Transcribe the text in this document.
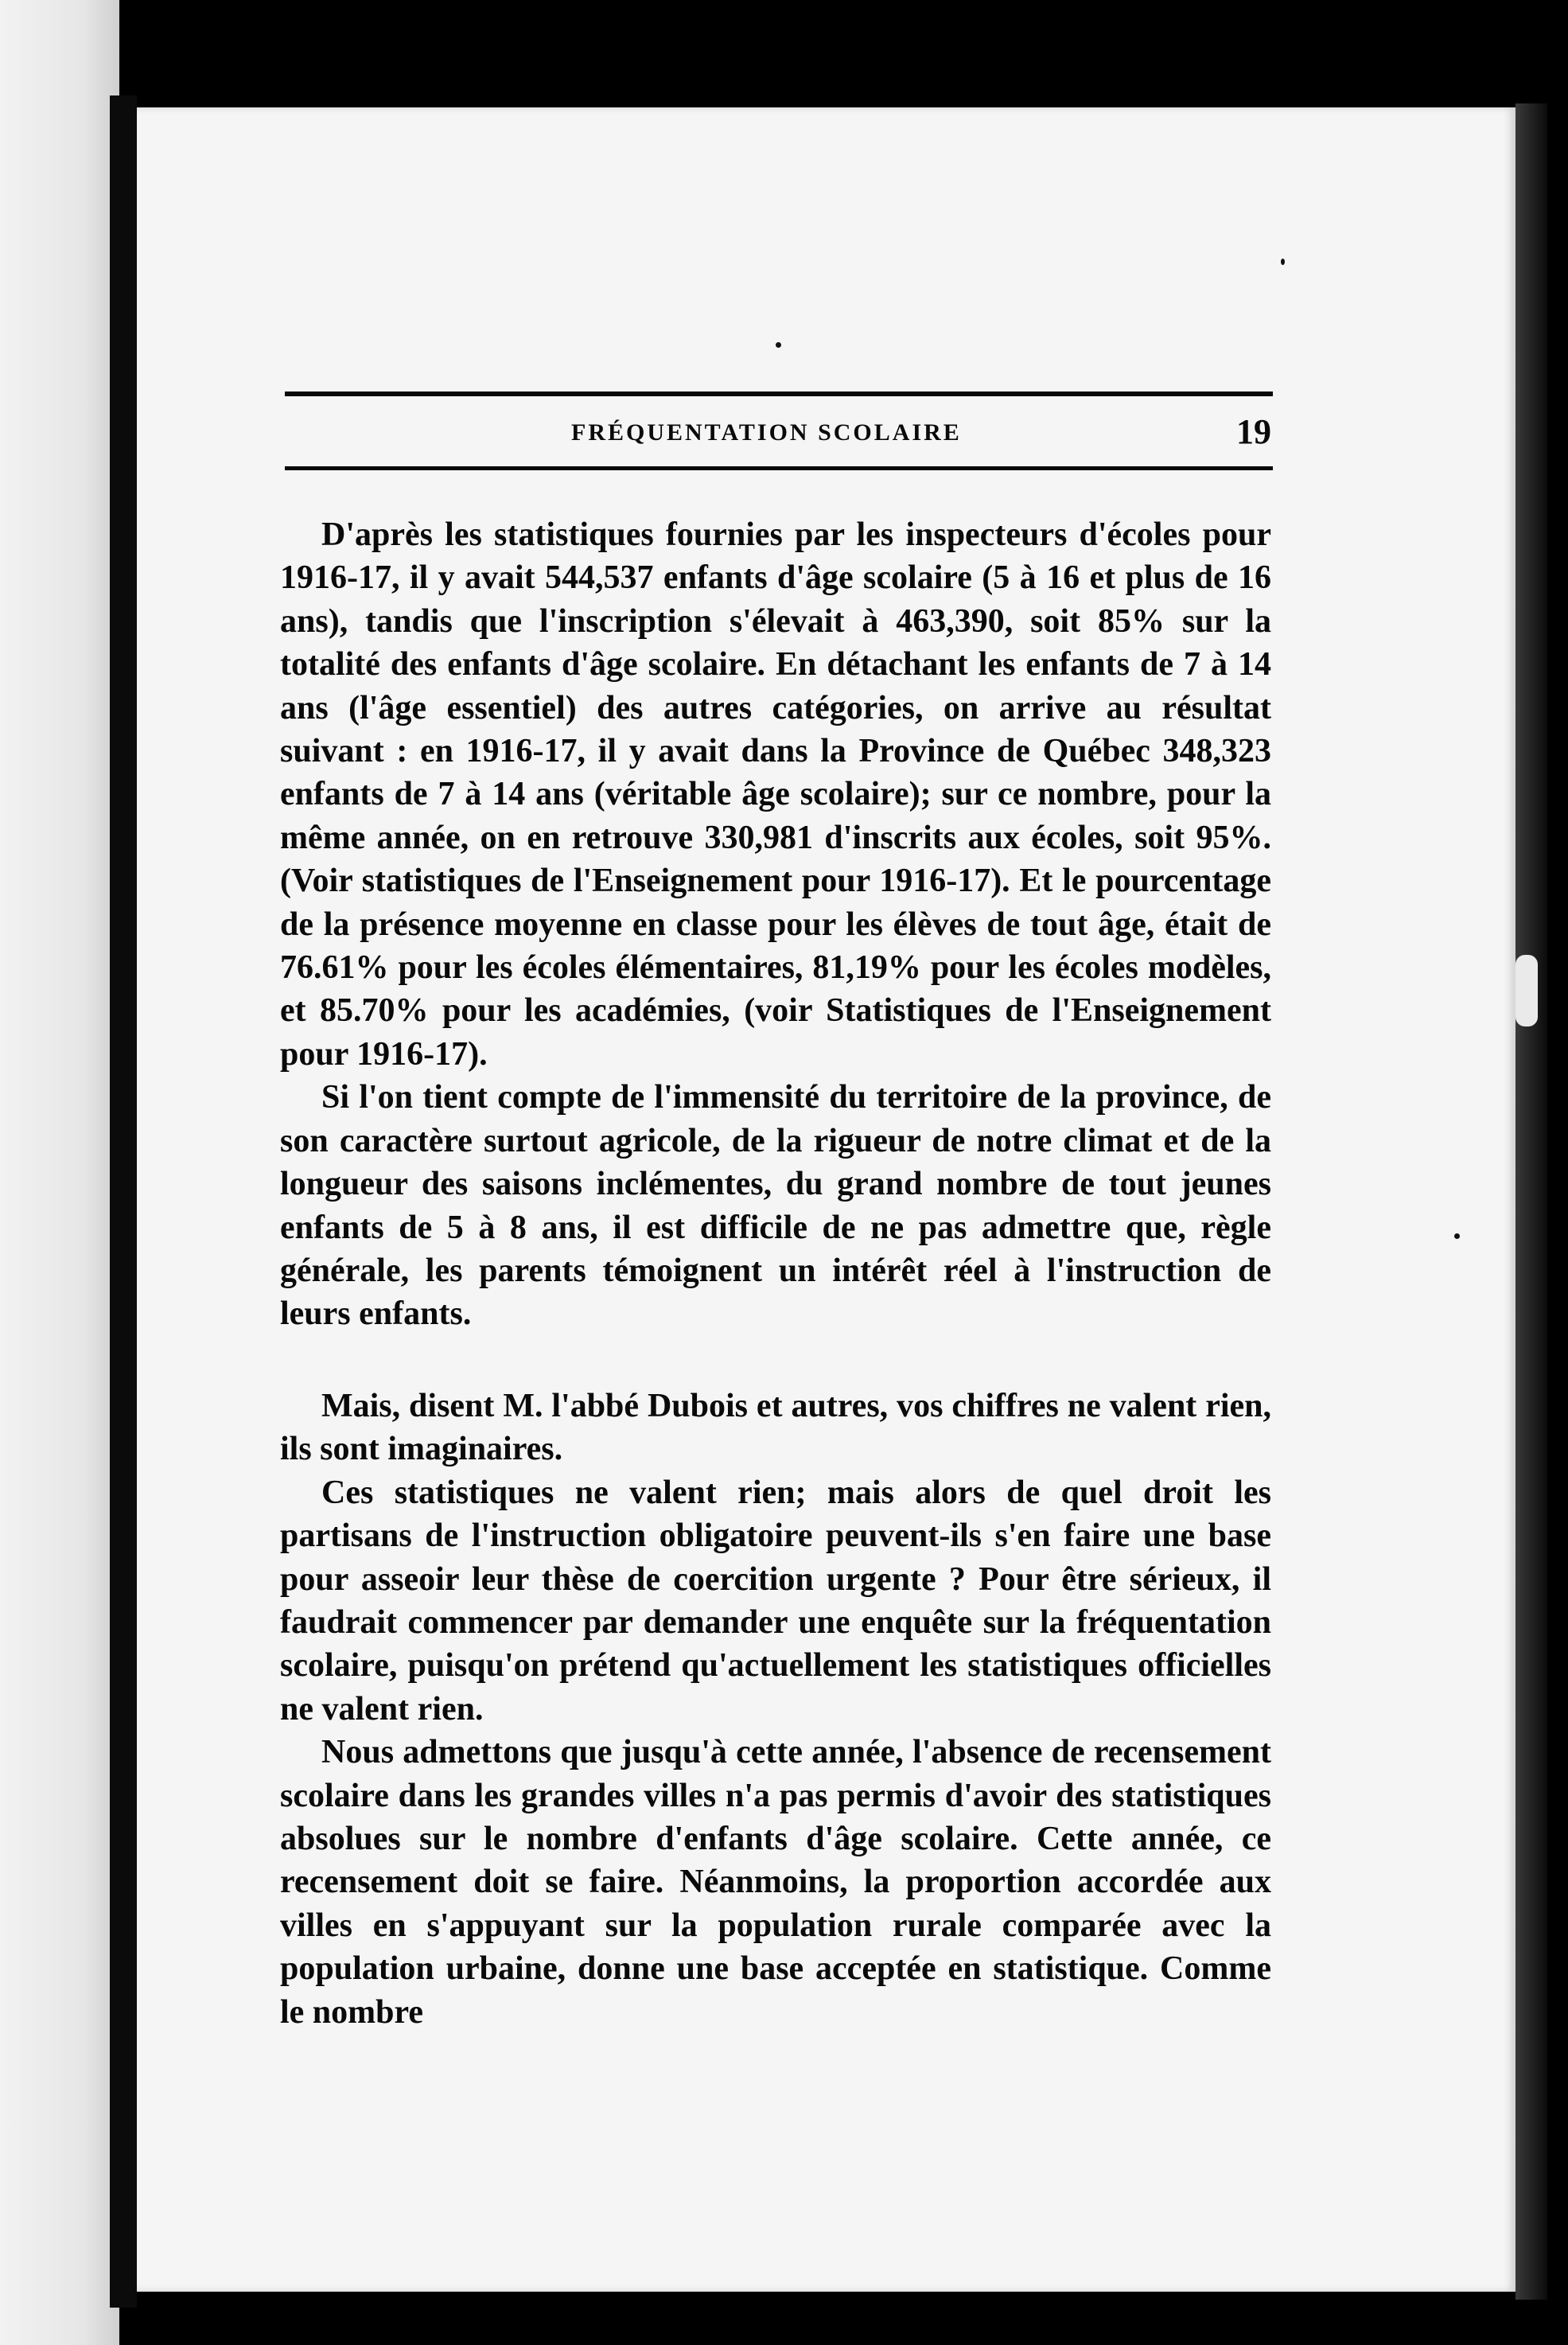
FRÉQUENTATION SCOLAIRE	19

D'après les statistiques fournies par les inspecteurs d'écoles pour 1916-17, il y avait 544,537 enfants d'âge scolaire (5 à 16 et plus de 16 ans), tandis que l'inscription s'élevait à 463,390, soit 85% sur la totalité des enfants d'âge scolaire. En détachant les enfants de 7 à 14 ans (l'âge essentiel) des autres catégories, on arrive au résultat suivant : en 1916-17, il y avait dans la Province de Québec 348,323 enfants de 7 à 14 ans (véritable âge scolaire); sur ce nombre, pour la même année, on en retrouve 330,981 d'inscrits aux écoles, soit 95%. (Voir statistiques de l'Enseignement pour 1916-17). Et le pourcentage de la présence moyenne en classe pour les élèves de tout âge, était de 76.61% pour les écoles élémentaires, 81,19% pour les écoles modèles, et 85.70% pour les académies, (voir Statistiques de l'Enseignement pour 1916-17).

Si l'on tient compte de l'immensité du territoire de la province, de son caractère surtout agricole, de la rigueur de notre climat et de la longueur des saisons inclémentes, du grand nombre de tout jeunes enfants de 5 à 8 ans, il est difficile de ne pas admettre que, règle générale, les parents témoignent un intérêt réel à l'instruction de leurs enfants.

Mais, disent M. l'abbé Dubois et autres, vos chiffres ne valent rien, ils sont imaginaires.

Ces statistiques ne valent rien; mais alors de quel droit les partisans de l'instruction obligatoire peuvent-ils s'en faire une base pour asseoir leur thèse de coercition urgente ? Pour être sérieux, il faudrait commencer par demander une enquête sur la fréquentation scolaire, puisqu'on prétend qu'actuellement les statistiques officielles ne valent rien.

Nous admettons que jusqu'à cette année, l'absence de recensement scolaire dans les grandes villes n'a pas permis d'avoir des statistiques absolues sur le nombre d'enfants d'âge scolaire. Cette année, ce recensement doit se faire. Néanmoins, la proportion accordée aux villes en s'appuyant sur la population rurale comparée avec la population urbaine, donne une base acceptée en statistique. Comme le nombre
